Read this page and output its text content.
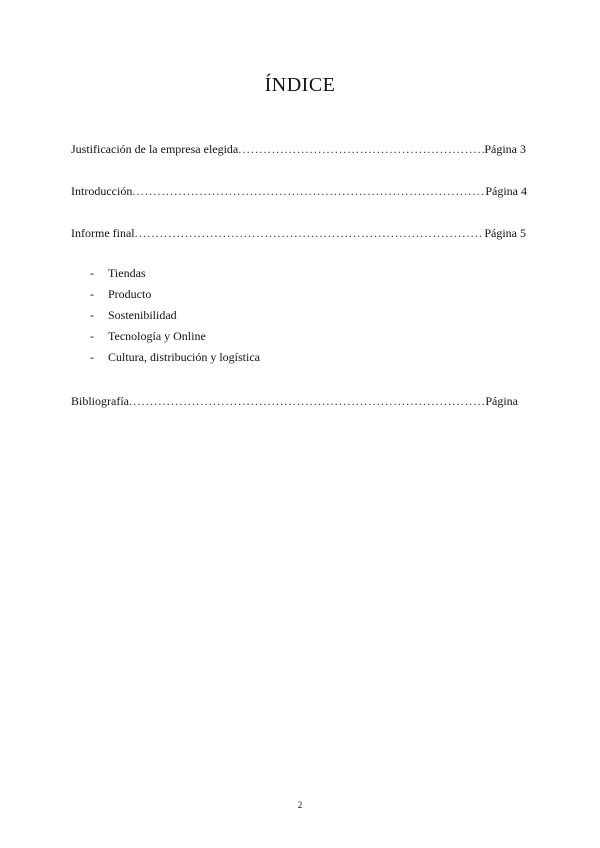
ÍNDICE
Justificación de la empresa elegida .....	Página 3
Introducción .....	Página 4
Informe final .....	Página 5
-	Tiendas
-	Producto
-	Sostenibilidad
-	Tecnología y Online
-	Cultura, distribución y logística
Bibliografía .....	Página
2
